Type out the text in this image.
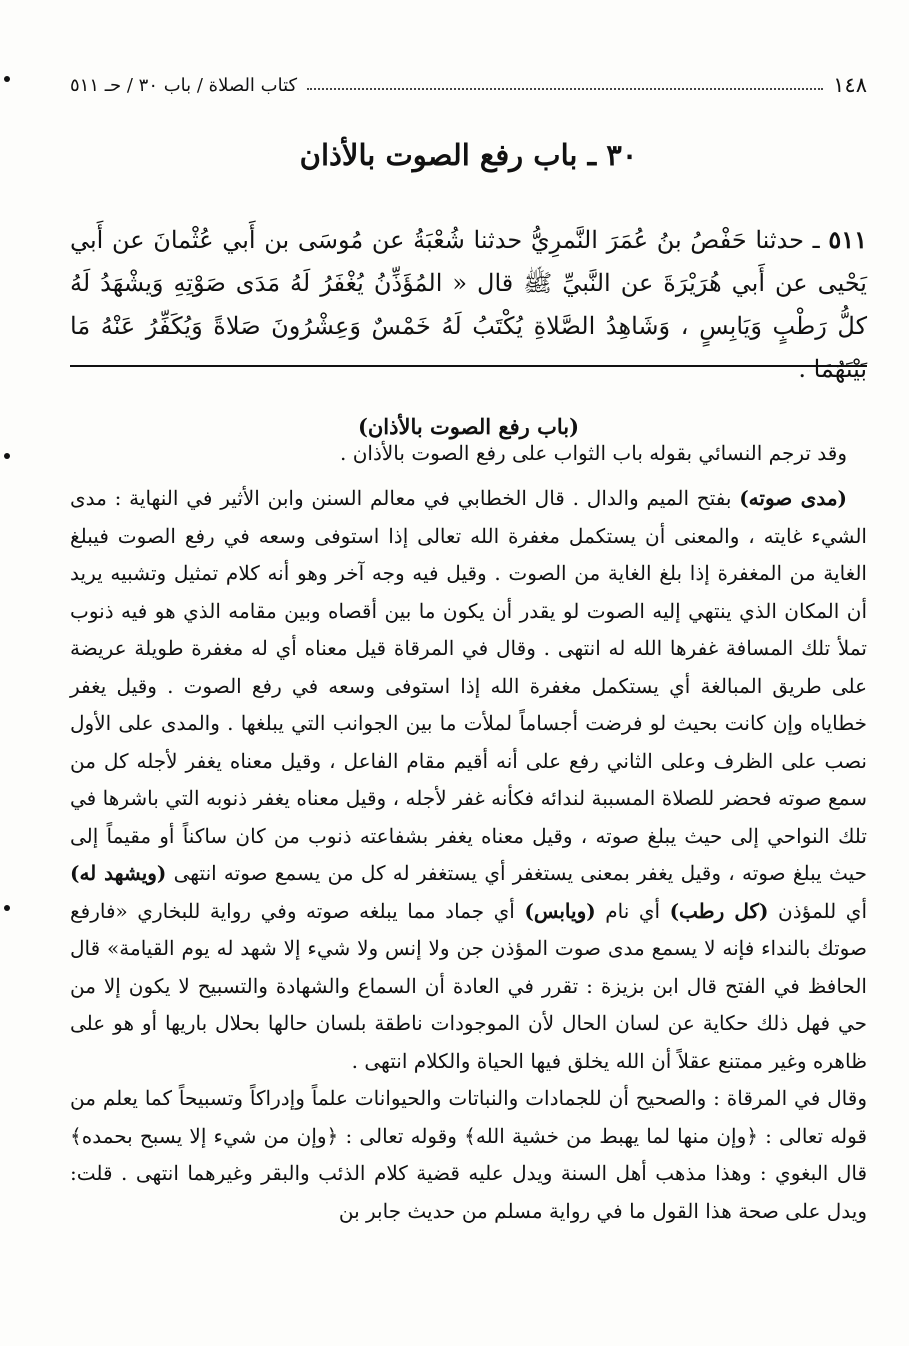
١٤٨
كتاب الصلاة / باب ٣٠ / حـ ٥١١
٣٠ ـ باب رفع الصوت بالأذان
٥١١ ـ حدثنا حَفْصُ بنُ عُمَرَ النَّمرِيُّ حدثنا شُعْبَةُ عن مُوسَى بن أَبي عُثْمانَ عن أَبي يَحْيى عن أَبي هُرَيْرَةَ عن النَّبيِّ ﷺ قال « المُؤَذِّنُ يُغْفَرُ لَهُ مَدَى صَوْتِهِ وَيشْهَدُ لَهُ كلُّ رَطْبٍ وَيَابِسٍ ، وَشَاهِدُ الصَّلاةِ يُكْتَبُ لَهُ خَمْسٌ وَعِشْرُونَ صَلاةً وَيُكَفِّرُ عَنْهُ مَا بَيْنَهُمَا .
(باب رفع الصوت بالأذان)
وقد ترجم النسائي بقوله باب الثواب على رفع الصوت بالأذان .

(مدى صوته) بفتح الميم والدال . قال الخطابي في معالم السنن وابن الأثير في النهاية : مدى الشيء غايته ، والمعنى أن يستكمل مغفرة الله تعالى إذا استوفى وسعه في رفع الصوت فيبلغ الغاية من المغفرة إذا بلغ الغاية من الصوت . وقيل فيه وجه آخر وهو أنه كلام تمثيل وتشبيه يريد أن المكان الذي ينتهي إليه الصوت لو يقدر أن يكون ما بين أقصاه وبين مقامه الذي هو فيه ذنوب تملأ تلك المسافة غفرها الله له انتهى . وقال في المرقاة قيل معناه أي له مغفرة طويلة عريضة على طريق المبالغة أي يستكمل مغفرة الله إذا استوفى وسعه في رفع الصوت . وقيل يغفر خطاياه وإن كانت بحيث لو فرضت أجساماً لملأت ما بين الجوانب التي يبلغها . والمدى على الأول نصب على الظرف وعلى الثاني رفع على أنه أقيم مقام الفاعل ، وقيل معناه يغفر لأجله كل من سمع صوته فحضر للصلاة المسببة لندائه فكأنه غفر لأجله ، وقيل معناه يغفر ذنوبه التي باشرها في تلك النواحي إلى حيث يبلغ صوته ، وقيل معناه يغفر بشفاعته ذنوب من كان ساكناً أو مقيماً إلى حيث يبلغ صوته ، وقيل يغفر بمعنى يستغفر أي يستغفر له كل من يسمع صوته انتهى (ويشهد له) أي للمؤذن (كل رطب) أي نام (ويابس) أي جماد مما يبلغه صوته وفي رواية للبخاري «فارفع صوتك بالنداء فإنه لا يسمع مدى صوت المؤذن جن ولا إنس ولا شيء إلا شهد له يوم القيامة» قال الحافظ في الفتح قال ابن بزيزة : تقرر في العادة أن السماع والشهادة والتسبيح لا يكون إلا من حي فهل ذلك حكاية عن لسان الحال لأن الموجودات ناطقة بلسان حالها بحلال باريها أو هو على ظاهره وغير ممتنع عقلاً أن الله يخلق فيها الحياة والكلام انتهى .

وقال في المرقاة : والصحيح أن للجمادات والنباتات والحيوانات علماً وإدراكاً وتسبيحاً كما يعلم من قوله تعالى : ﴿وإن منها لما يهبط من خشية الله﴾ وقوله تعالى : ﴿وإن من شيء إلا يسبح بحمده﴾ قال البغوي : وهذا مذهب أهل السنة ويدل عليه قضية كلام الذئب والبقر وغيرهما انتهى . قلت: ويدل على صحة هذا القول ما في رواية مسلم من حديث جابر بن
